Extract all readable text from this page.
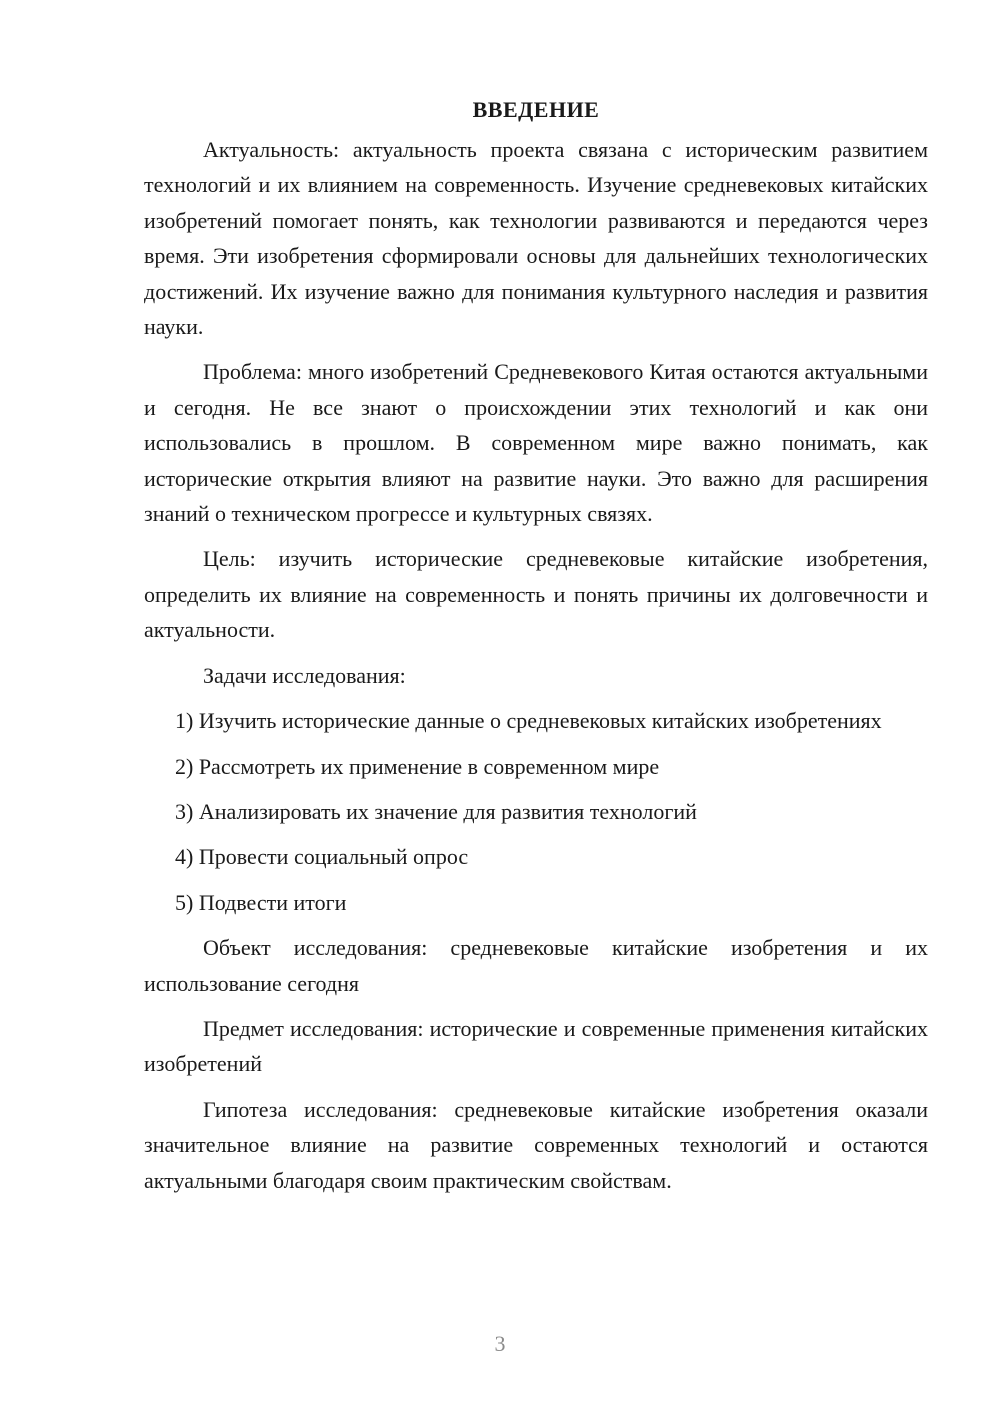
ВВЕДЕНИЕ

Актуальность: актуальность проекта связана с историческим развитием технологий и их влиянием на современность. Изучение средневековых китайских изобретений помогает понять, как технологии развиваются и передаются через время. Эти изобретения сформировали основы для дальнейших технологических достижений. Их изучение важно для понимания культурного наследия и развития науки.

Проблема: много изобретений Средневекового Китая остаются актуальными и сегодня. Не все знают о происхождении этих технологий и как они использовались в прошлом. В современном мире важно понимать, как исторические открытия влияют на развитие науки. Это важно для расширения знаний о техническом прогрессе и культурных связях.

Цель: изучить исторические средневековые китайские изобретения, определить их влияние на современность и понять причины их долговечности и актуальности.

Задачи исследования:

1) Изучить исторические данные о средневековых китайских изобретениях

2) Рассмотреть их применение в современном мире

3) Анализировать их значение для развития технологий

4) Провести социальный опрос

5) Подвести итоги

Объект исследования: средневековые китайские изобретения и их использование сегодня

Предмет исследования: исторические и современные применения китайских изобретений

Гипотеза исследования: средневековые китайские изобретения оказали значительное влияние на развитие современных технологий и остаются актуальными благодаря своим практическим свойствам.

3
